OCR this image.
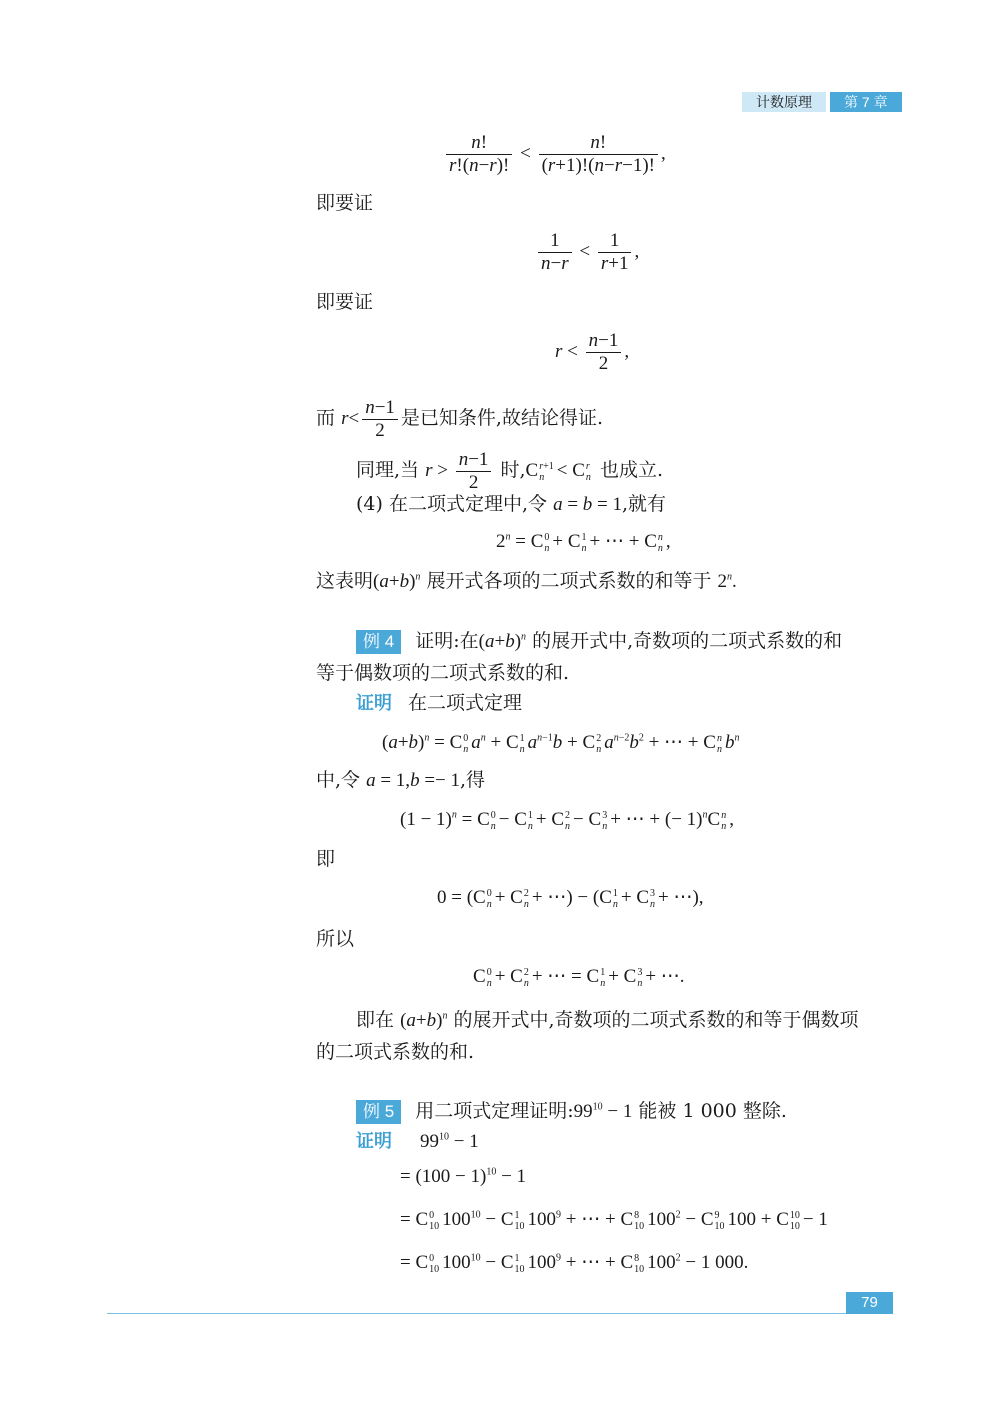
计数原理	第 7 章
$\frac{n!}{r!(n-r)!} < \frac{n!}{(r+1)!(n-r-1)!}$ ,
即要证
$\frac{1}{n-r} < \frac{1}{r+1}$ ,
即要证
$r < \frac{n-1}{2}$ ,
而 $r< \frac{n-1}{2}$ 是已知条件,故结论得证.
同理,当 $r > \frac{n-1}{2}$ 时,C r+1
n < C r
n 也成立.
(4) 在二项式定理中,令 a = b = 1,就有
$2^n = C$ 0
n + C 1
n + ⋯ + C n
n ,
这表明$(a+b)^n$ 展开式各项的二项式系数的和等于 2$^n$.
例 4 证明:在$(a+b)^n$ 的展开式中,奇数项的二项式系数的和
等于偶数项的二项式系数的和.
证明 在二项式定理
$(a+b)^n = C$ 0
n $a^n + C$ 1
n $a^{n-1}b + C$ 2
n $a^{n-2}b^2$ + ⋯ + C n
n $b^n$
中,令 a = 1,b =− 1,得
$(1 - 1)^n = C$ 0
n − C 1
n + C 2
n − C 3
n + ⋯ + (− 1)$^n$C n
n ,
即
0 = (C 0
n + C 2
n + ⋯) − (C 1
n + C 3
n + ⋯),
所以
C 0
n + C 2
n + ⋯ = C 1
n + C 3
n + ⋯.
即在 $(a+b)^n$ 的展开式中,奇数项的二项式系数的和等于偶数项
的二项式系数的和.
例 5 用二项式定理证明$:99^{10} - 1$ 能被 1 000 整除.
证明 $99^{10} - 1$
= $(100 - 1)^{10} - 1$
= C 0
10 $100^{10} - C$ 1
10 $100^9$ + ⋯ + C 8
10 $100^2 - C$ 9
10 100 + C 10
10 − 1
= C 0
10 $100^{10} - C$ 1
10 $100^9$ + ⋯ + C 8
10 $100^2 - 1$ 000.
79
